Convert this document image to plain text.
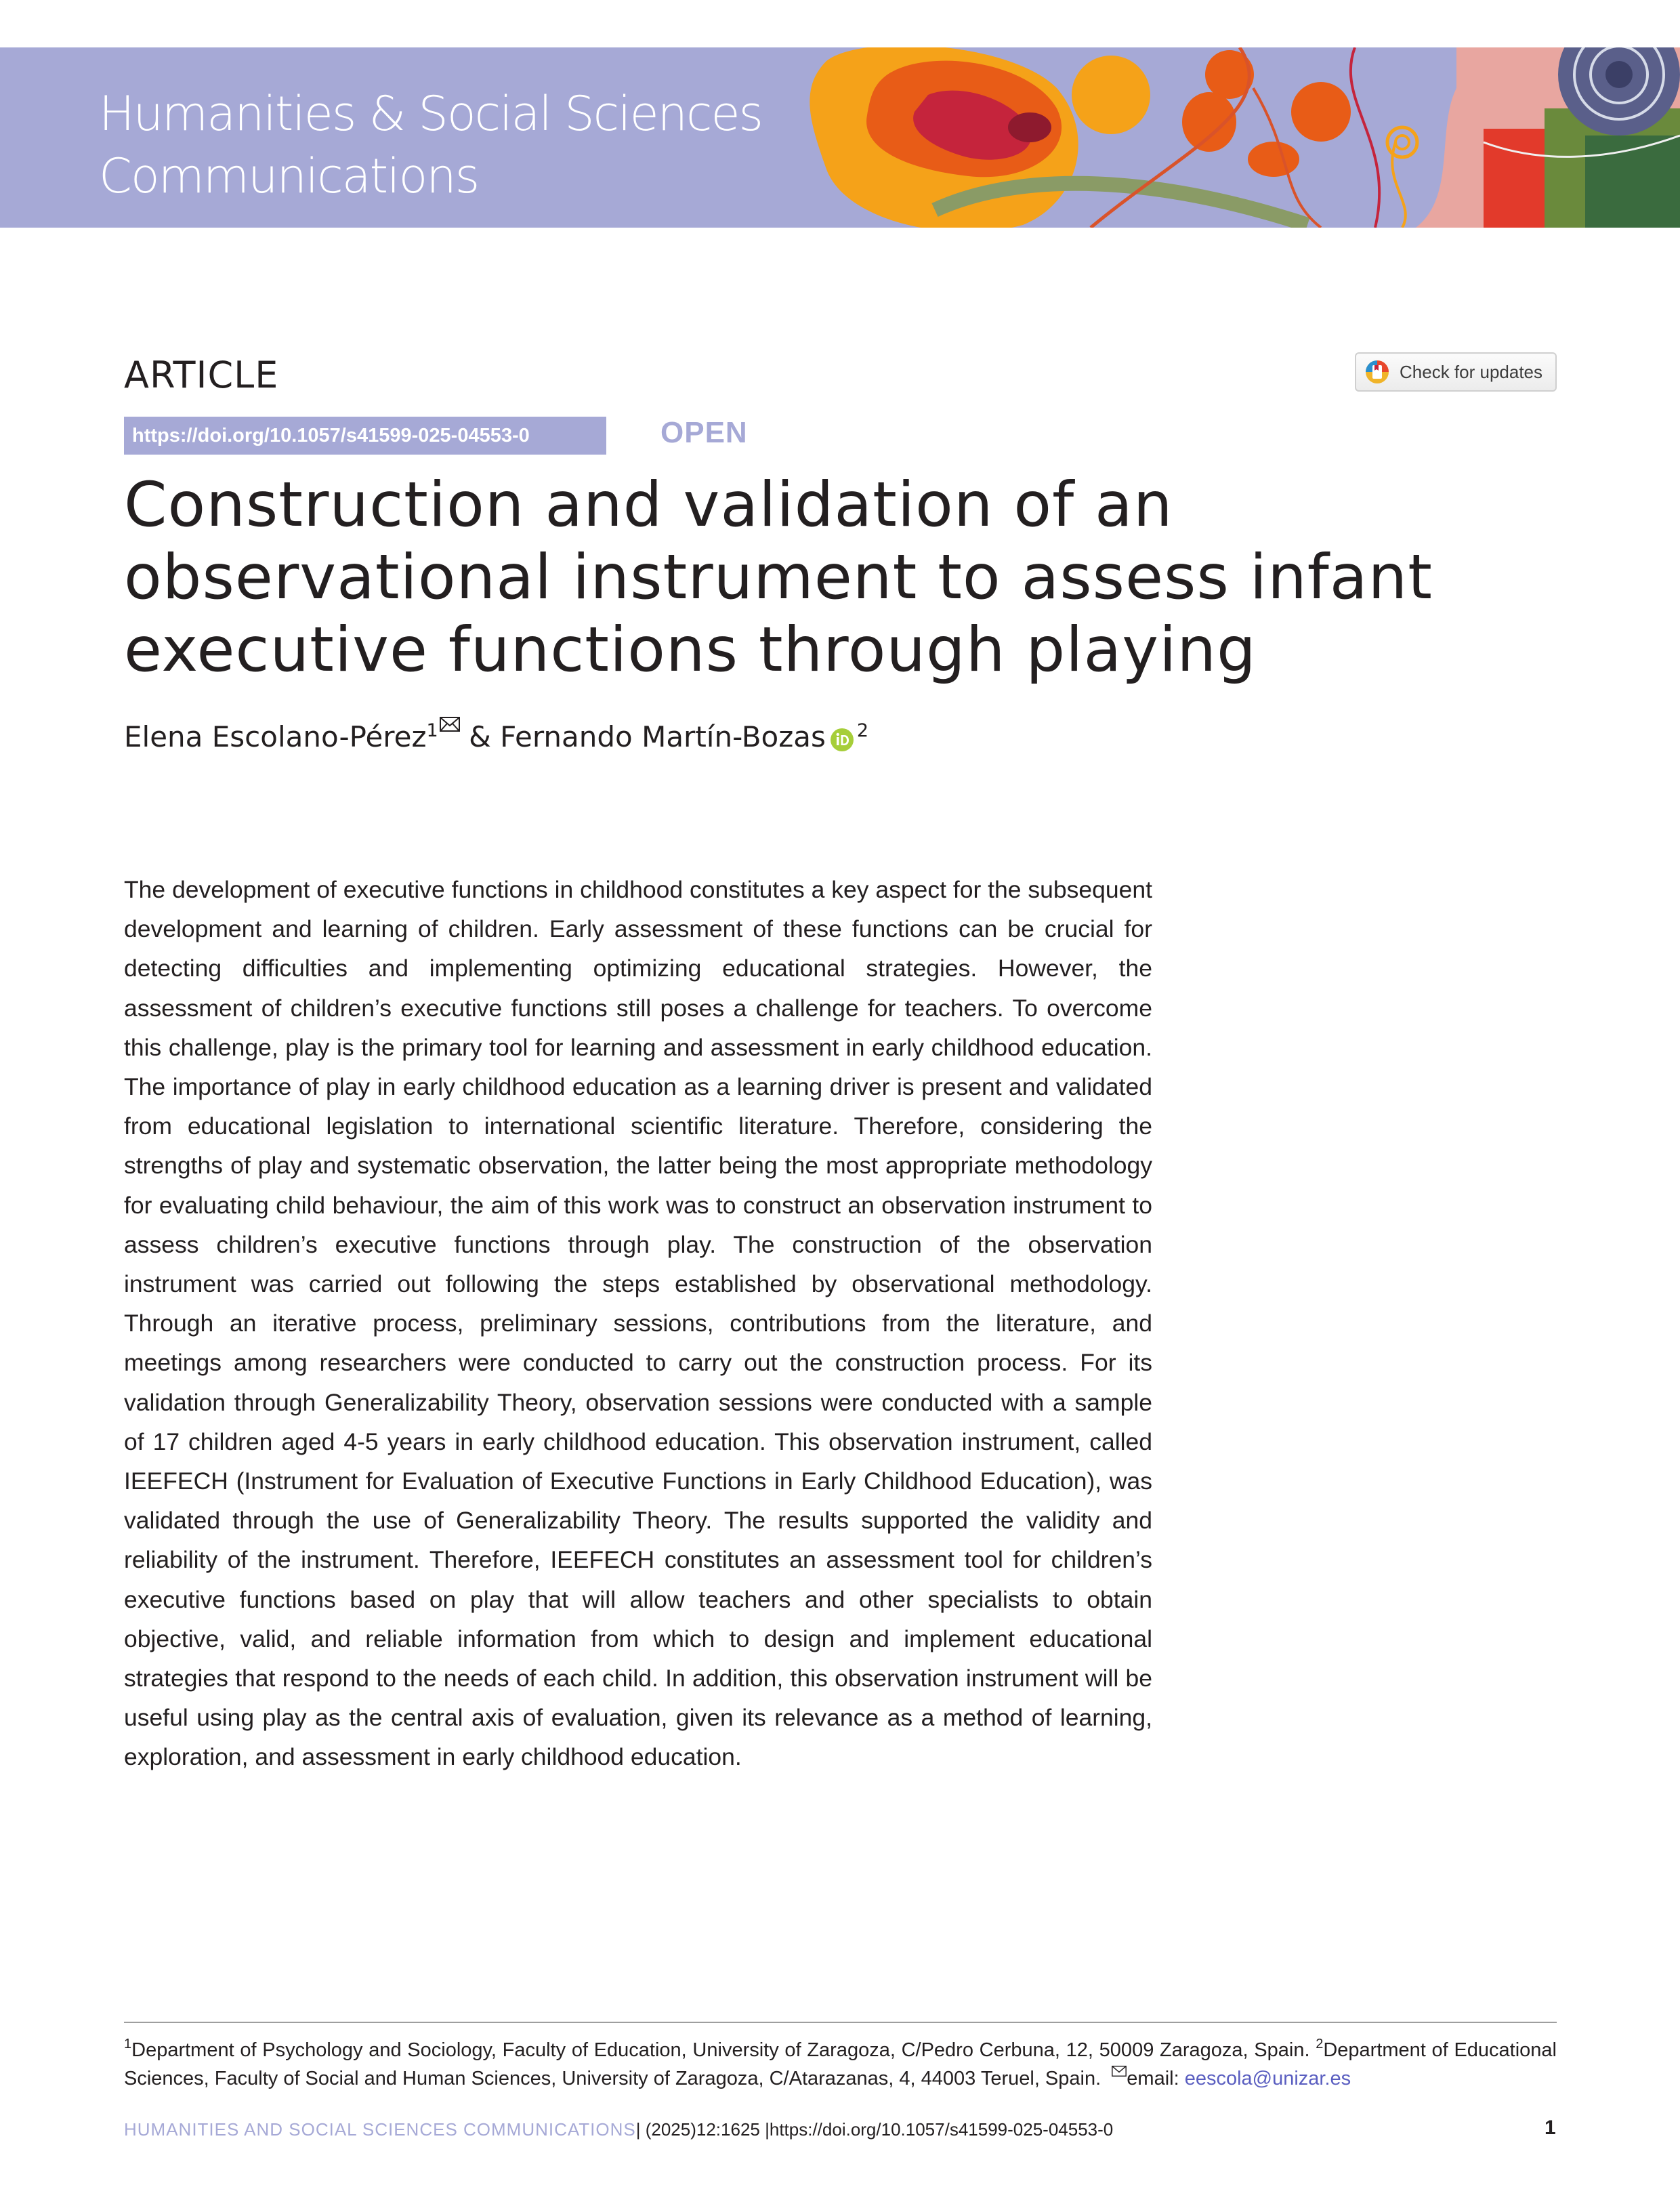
Humanities & Social Sciences
Communications
ARTICLE	Check for updates
https://doi.org/10.1057/s41599-025-04553-0	OPEN
Construction and validation of an observational instrument to assess infant executive functions through playing
Elena Escolano-Pérez$^1$ & Fernando Martín-Bozas $^2$

The development of executive functions in childhood constitutes a key aspect for the subsequent development and learning of children. Early assessment of these functions can be crucial for detecting difficulties and implementing optimizing educational strategies. However, the assessment of children’s executive functions still poses a challenge for teachers. To overcome this challenge, play is the primary tool for learning and assessment in early childhood education. The importance of play in early childhood education as a learning driver is present and validated from educational legislation to international scientific literature. Therefore, considering the strengths of play and systematic observation, the latter being the most appropriate methodology for evaluating child behaviour, the aim of this work was to construct an observation instrument to assess children’s executive functions through play. The construction of the observation instrument was carried out following the steps established by observational methodology. Through an iterative process, preliminary sessions, contributions from the literature, and meetings among researchers were conducted to carry out the construction process. For its validation through Generalizability Theory, observation sessions were conducted with a sample of 17 children aged 4-5 years in early childhood education. This observation instrument, called IEEFECH (Instrument for Evaluation of Executive Functions in Early Childhood Education), was validated through the use of Generalizability Theory. The results supported the validity and reliability of the instrument. Therefore, IEEFECH constitutes an assessment tool for children’s executive functions based on play that will allow teachers and other specialists to obtain objective, valid, and reliable information from which to design and implement educational strategies that respond to the needs of each child. In addition, this observation instrument will be useful using play as the central axis of evaluation, given its relevance as a method of learning, exploration, and assessment in early childhood education.

$^1$Department of Psychology and Sociology, Faculty of Education, University of Zaragoza, C/Pedro Cerbuna, 12, 50009 Zaragoza, Spain. $^2$Department of Educational Sciences, Faculty of Social and Human Sciences, University of Zaragoza, C/Atarazanas, 4, 44003 Teruel, Spain. email: eescola@unizar.es
HUMANITIES AND SOCIAL SCIENCES COMMUNICATIONS| (2025)12:1625 |https://doi.org/10.1057/s41599-025-04553-0	1
